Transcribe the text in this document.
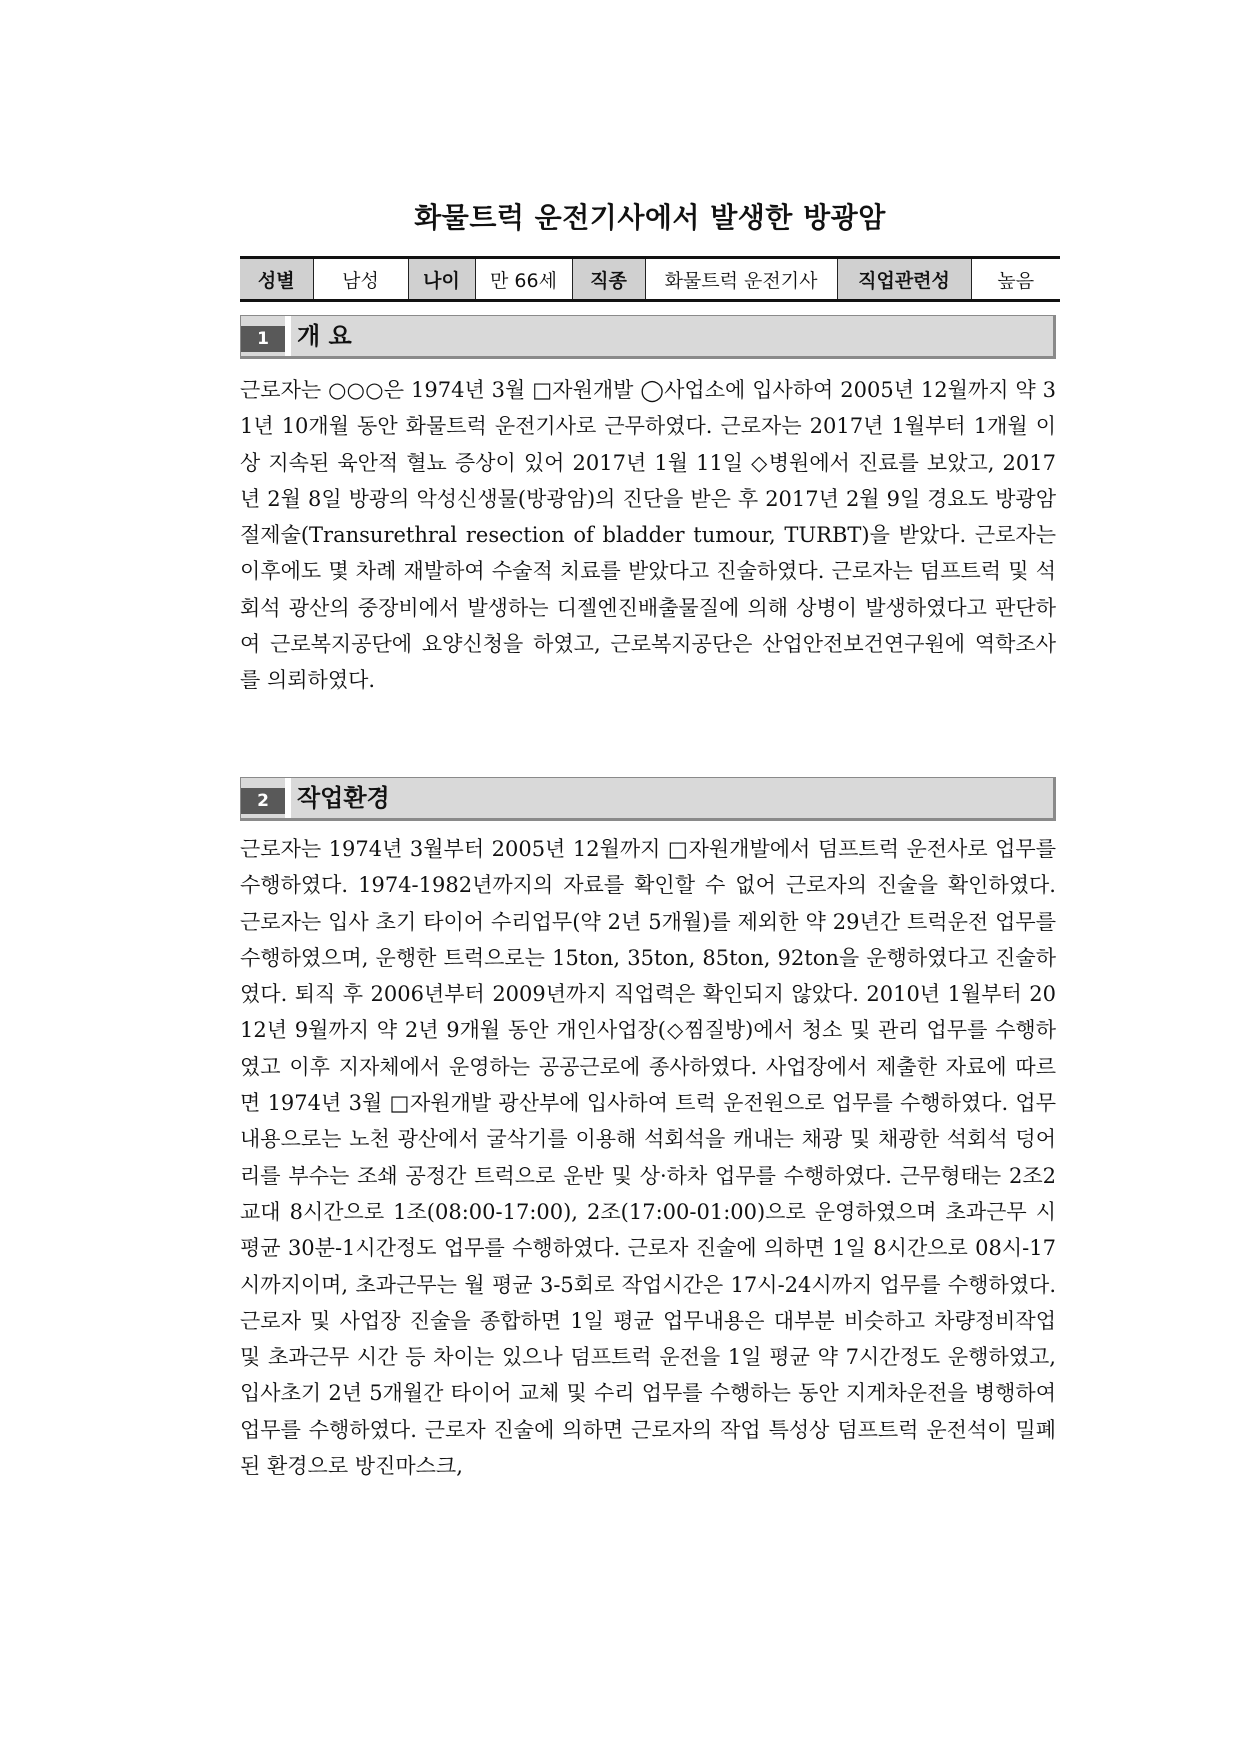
화물트럭 운전기사에서 발생한 방광암
성별	남성	나이	만 66세	직종	화물트럭 운전기사	직업관련성	높음
1	개 요

근로자는 ○○○은 1974년 3월 □자원개발 ◯사업소에 입사하여 2005년 12월까지 약 31년 10개월 동안 화물트럭 운전기사로 근무하였다. 근로자는 2017년 1월부터 1개월 이상 지속된 육안적 혈뇨 증상이 있어 2017년 1월 11일 ◇병원에서 진료를 보았고, 2017년 2월 8일 방광의 악성신생물(방광암)의 진단을 받은 후 2017년 2월 9일 경요도 방광암 절제술(Transurethral resection of bladder tumour, TURBT)을 받았다. 근로자는 이후에도 몇 차례 재발하여 수술적 치료를 받았다고 진술하였다. 근로자는 덤프트럭 및 석회석 광산의 중장비에서 발생하는 디젤엔진배출물질에 의해 상병이 발생하였다고 판단하여 근로복지공단에 요양신청을 하였고, 근로복지공단은 산업안전보건연구원에 역학조사를 의뢰하였다.

2	작업환경

근로자는 1974년 3월부터 2005년 12월까지 □자원개발에서 덤프트럭 운전사로 업무를 수행하였다. 1974-1982년까지의 자료를 확인할 수 없어 근로자의 진술을 확인하였다. 근로자는 입사 초기 타이어 수리업무(약 2년 5개월)를 제외한 약 29년간 트럭운전 업무를 수행하였으며, 운행한 트럭으로는 15ton, 35ton, 85ton, 92ton을 운행하였다고 진술하였다. 퇴직 후 2006년부터 2009년까지 직업력은 확인되지 않았다. 2010년 1월부터 2012년 9월까지 약 2년 9개월 동안 개인사업장(◇찜질방)에서 청소 및 관리 업무를 수행하였고 이후 지자체에서 운영하는 공공근로에 종사하였다. 사업장에서 제출한 자료에 따르면 1974년 3월 □자원개발 광산부에 입사하여 트럭 운전원으로 업무를 수행하였다. 업무내용으로는 노천 광산에서 굴삭기를 이용해 석회석을 캐내는 채광 및 채광한 석회석 덩어리를 부수는 조쇄 공정간 트럭으로 운반 및 상·하차 업무를 수행하였다. 근무형태는 2조2교대 8시간으로 1조(08:00-17:00), 2조(17:00-01:00)으로 운영하였으며 초과근무 시 평균 30분-1시간정도 업무를 수행하였다. 근로자 진술에 의하면 1일 8시간으로 08시-17시까지이며, 초과근무는 월 평균 3-5회로 작업시간은 17시-24시까지 업무를 수행하였다. 근로자 및 사업장 진술을 종합하면 1일 평균 업무내용은 대부분 비슷하고 차량정비작업 및 초과근무 시간 등 차이는 있으나 덤프트럭 운전을 1일 평균 약 7시간정도 운행하였고, 입사초기 2년 5개월간 타이어 교체 및 수리 업무를 수행하는 동안 지게차운전을 병행하여 업무를 수행하였다. 근로자 진술에 의하면 근로자의 작업 특성상 덤프트럭 운전석이 밀폐된 환경으로 방진마스크,
